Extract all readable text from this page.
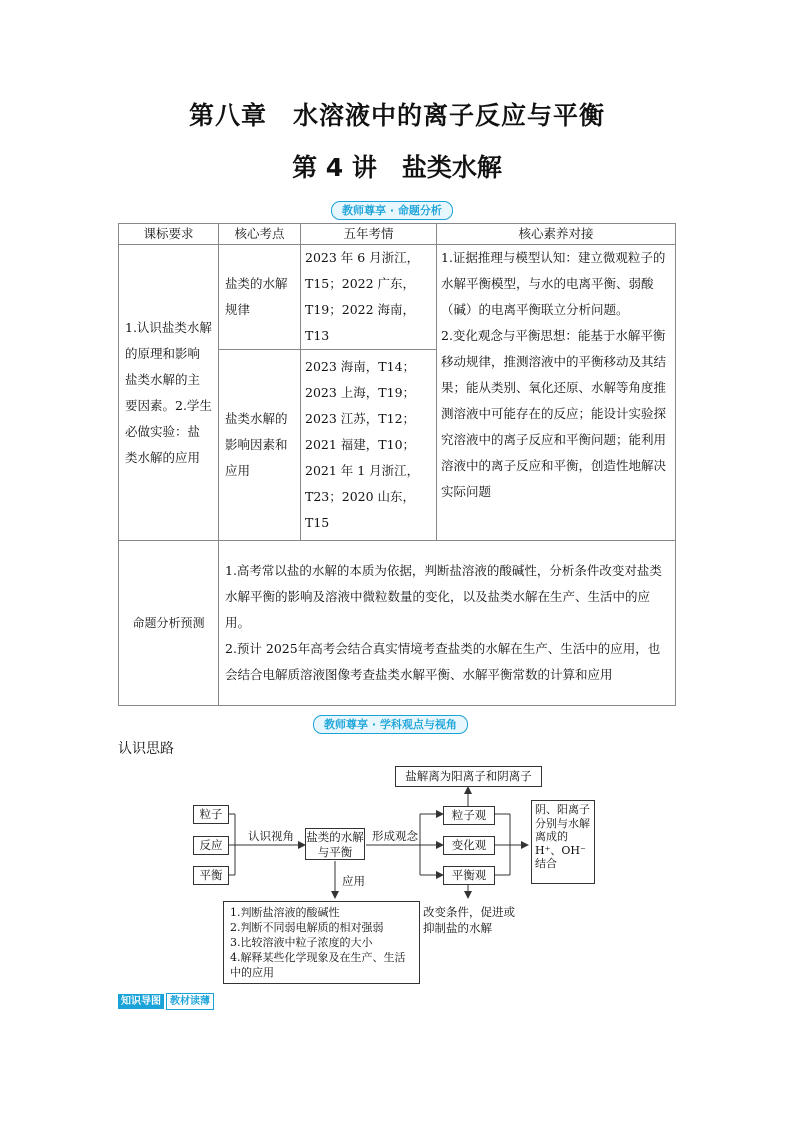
第八章　水溶液中的离子反应与平衡
第 4 讲　盐类水解
教师尊享 · 命题分析
课标要求	核心考点	五年考情	核心素养对接

1.认识盐类水解的原理和影响盐类水解的主要因素。2.学生必做实验：盐类水解的应用	盐类的水解规律	2023 年 6 月浙江，T15；2022 广东，T19；2022 海南，T13	1.证据推理与模型认知：建立微观粒子的水解平衡模型，与水的电离平衡、弱酸（碱）的电离平衡联立分析问题。
2.变化观念与平衡思想：能基于水解平衡移动规律，推测溶液中的平衡移动及其结果；能从类别、氧化还原、水解等角度推测溶液中可能存在的反应；能设计实验探究溶液中的离子反应和平衡问题；能利用溶液中的离子反应和平衡，创造性地解决实际问题

	盐类水解的影响因素和应用	2023 海南，T14；2023 上海，T19；2023 江苏，T12；2021 福建，T10；2021 年 1 月浙江，T23；2020 山东，T15	

命题分析预测	1.高考常以盐的水解的本质为依据，判断盐溶液的酸碱性，分析条件改变对盐类水解平衡的影响及溶液中微粒数量的变化，以及盐类水解在生产、生活中的应用。
2.预计 2025年高考会结合真实情境考查盐类的水解在生产、生活中的应用，也会结合电解质溶液图像考查盐类水解平衡、水解平衡常数的计算和应用		
教师尊享 · 学科观点与视角
认识思路
粒子
反应
平衡
认识视角 盐类的水解与平衡
形成观念
盐解离为阳离子和阴离子
粒子观
变化观
平衡观
阴、阳离子分别与水解离成的H⁺、OH⁻结合
应用
1.判断盐溶液的酸碱性
2.判断不同弱电解质的相对强弱
3.比较溶液中粒子浓度的大小
4.解释某些化学现象及在生产、生活中的应用
改变条件，促进或抑制盐的水解
知识导图 教材读薄
